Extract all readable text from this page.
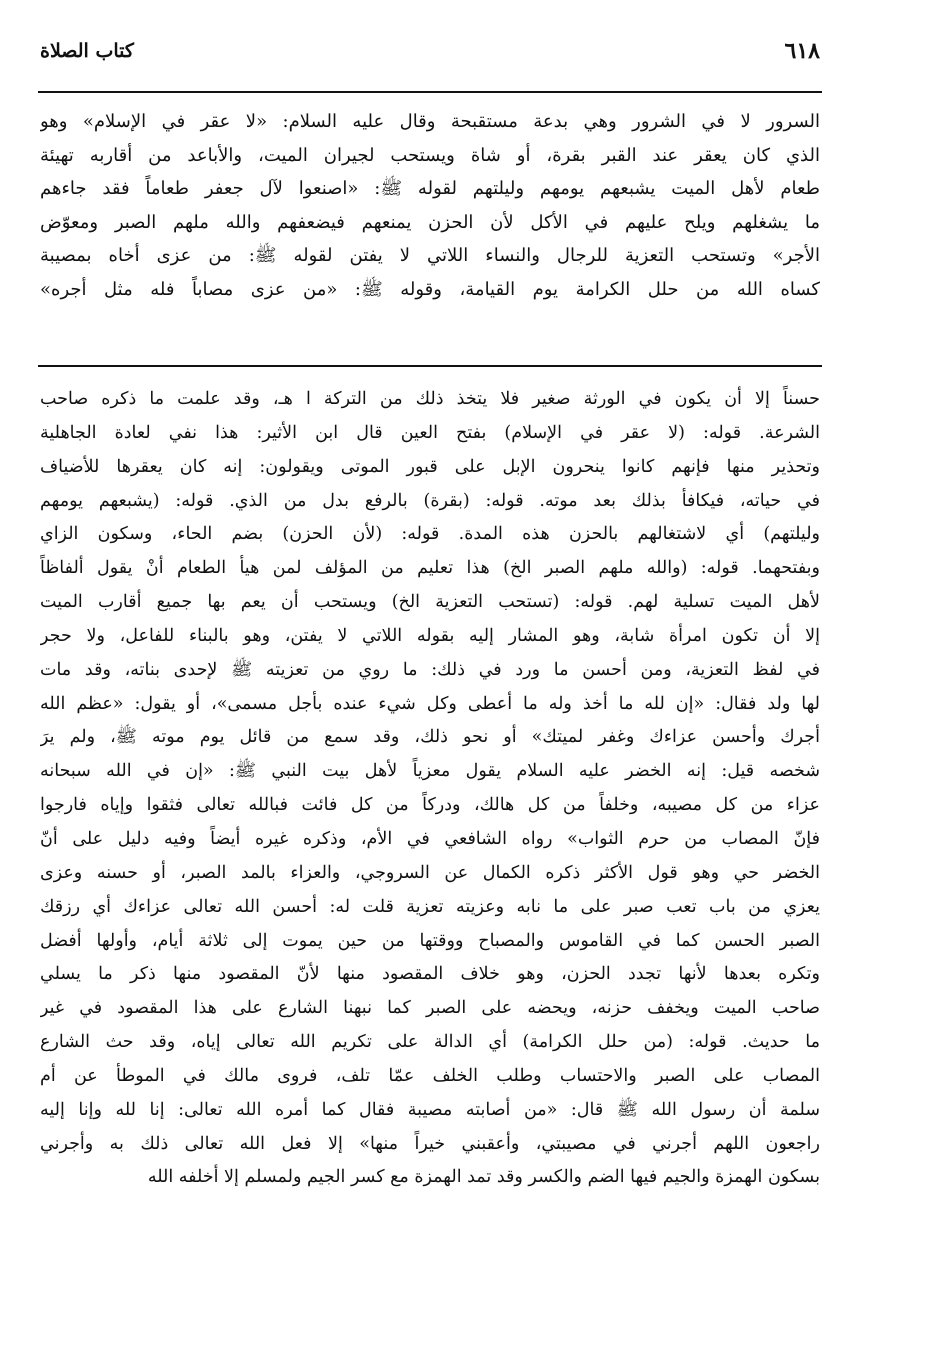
كتاب الصلاة	٦١٨
السرور لا في الشرور وهي بدعة مستقبحة وقال عليه السلام: «لا عقر في الإسلام» وهو
الذي كان يعقر عند القبر بقرة، أو شاة ويستحب لجيران الميت، والأباعد من أقاربه تهيئة
طعام لأهل الميت يشبعهم يومهم وليلتهم لقوله ﷺ: «اصنعوا لآل جعفر طعاماً فقد جاءهم
ما يشغلهم ويلح عليهم في الأكل لأن الحزن يمنعهم فيضعفهم والله ملهم الصبر ومعوّض
الأجر» وتستحب التعزية للرجال والنساء اللاتي لا يفتن لقوله ﷺ: من عزى أخاه بمصيبة
كساه الله من حلل الكرامة يوم القيامة، وقوله ﷺ: «من عزى مصاباً فله مثل أجره»
حسناً إلا أن يكون في الورثة صغير فلا يتخذ ذلك من التركة ا هـ، وقد علمت ما ذكره صاحب
الشرعة. قوله: (لا عقر في الإسلام) بفتح العين قال ابن الأثير: هذا نفي لعادة الجاهلية
وتحذير منها فإنهم كانوا ينحرون الإبل على قبور الموتى ويقولون: إنه كان يعقرها للأضياف
في حياته، فيكافأ بذلك بعد موته. قوله: (بقرة) بالرفع بدل من الذي. قوله: (يشبعهم يومهم
وليلتهم) أي لاشتغالهم بالحزن هذه المدة. قوله: (لأن الحزن) بضم الحاء، وسكون الزاي
وبفتحهما. قوله: (والله ملهم الصبر الخ) هذا تعليم من المؤلف لمن هيأ الطعام أنْ يقول ألفاظاً
لأهل الميت تسلية لهم. قوله: (تستحب التعزية الخ) ويستحب أن يعم بها جميع أقارب الميت
إلا أن تكون امرأة شابة، وهو المشار إليه بقوله اللاتي لا يفتن، وهو بالبناء للفاعل، ولا حجر
في لفظ التعزية، ومن أحسن ما ورد في ذلك: ما روي من تعزيته ﷺ لإحدى بناته، وقد مات
لها ولد فقال: «إن لله ما أخذ وله ما أعطى وكل شيء عنده بأجل مسمى»، أو يقول: «عظم الله
أجرك وأحسن عزاءك وغفر لميتك» أو نحو ذلك، وقد سمع من قائل يوم موته ﷺ، ولم يرَ
شخصه قيل: إنه الخضر عليه السلام يقول معزياً لأهل بيت النبي ﷺ: «إن في الله سبحانه
عزاء من كل مصيبه، وخلفاً من كل هالك، ودركاً من كل فائت فبالله تعالى فثقوا وإياه فارجوا
فإنّ المصاب من حرم الثواب» رواه الشافعي في الأم، وذكره غيره أيضاً وفيه دليل على أنّ
الخضر حي وهو قول الأكثر ذكره الكمال عن السروجي، والعزاء بالمد الصبر، أو حسنه وعزى
يعزي من باب تعب صبر على ما نابه وعزيته تعزية قلت له: أحسن الله تعالى عزاءك أي رزقك
الصبر الحسن كما في القاموس والمصباح ووقتها من حين يموت إلى ثلاثة أيام، وأولها أفضل
وتكره بعدها لأنها تجدد الحزن، وهو خلاف المقصود منها لأنّ المقصود منها ذكر ما يسلي
صاحب الميت ويخفف حزنه، ويحضه على الصبر كما نبهنا الشارع على هذا المقصود في غير
ما حديث. قوله: (من حلل الكرامة) أي الدالة على تكريم الله تعالى إياه، وقد حث الشارع
المصاب على الصبر والاحتساب وطلب الخلف عمّا تلف، فروى مالك في الموطأ عن أم
سلمة أن رسول الله ﷺ قال: «من أصابته مصيبة فقال كما أمره الله تعالى: إنا لله وإنا إليه
راجعون اللهم أجرني في مصيبتي، وأعقبني خيراً منها» إلا فعل الله تعالى ذلك به وأجرني
بسكون الهمزة والجيم فيها الضم والكسر وقد تمد الهمزة مع كسر الجيم ولمسلم إلا أخلفه الله
